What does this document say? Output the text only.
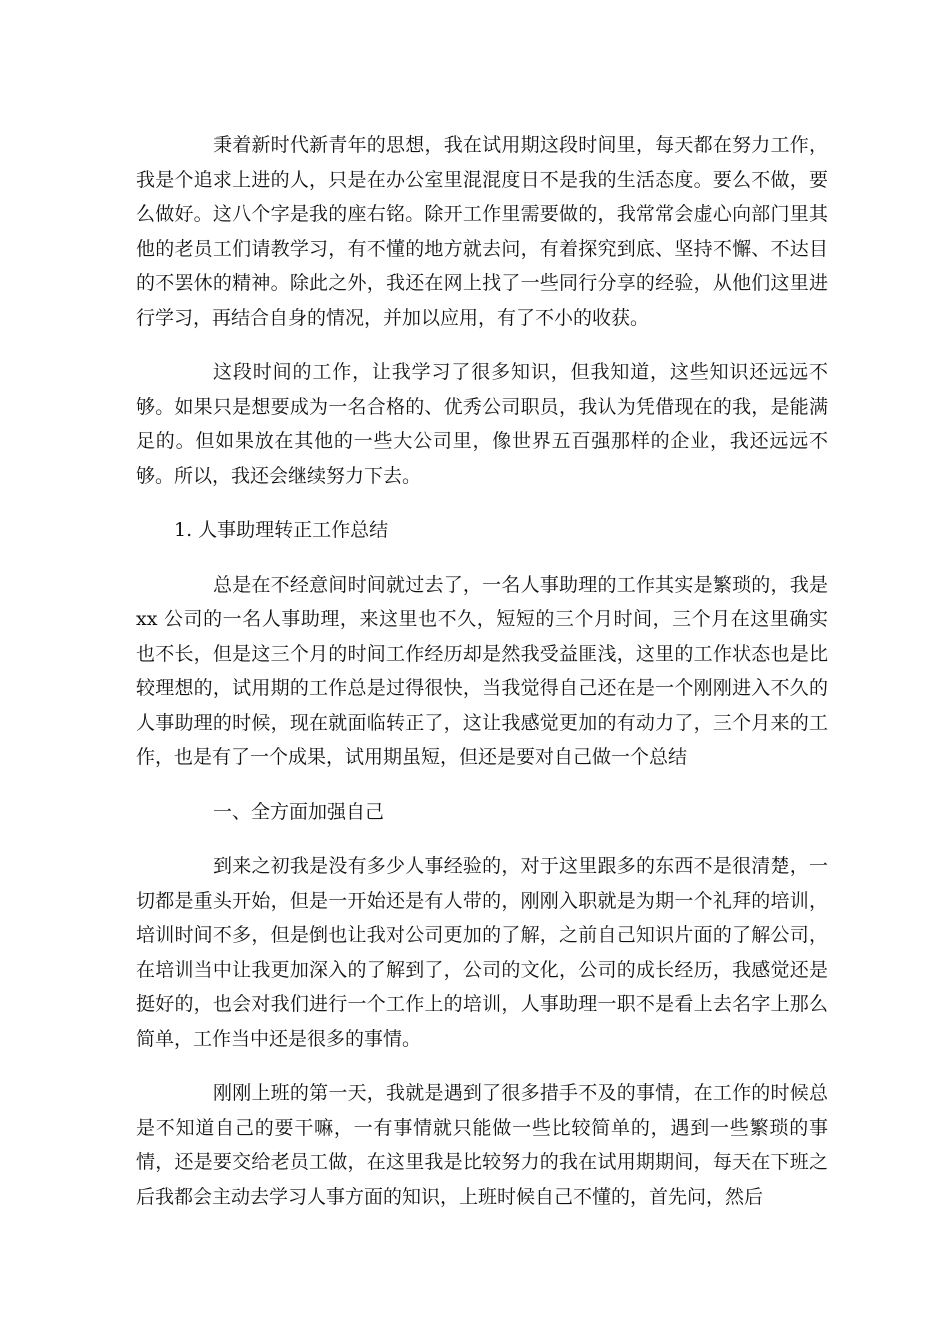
秉着新时代新青年的思想，我在试用期这段时间里，每天都在努力工作，我是个追求上进的人，只是在办公室里混混度日不是我的生活态度。要么不做，要么做好。这八个字是我的座右铭。除开工作里需要做的，我常常会虚心向部门里其他的老员工们请教学习，有不懂的地方就去问，有着探究到底、坚持不懈、不达目的不罢休的精神。除此之外，我还在网上找了一些同行分享的经验，从他们这里进行学习，再结合自身的情况，并加以应用，有了不小的收获。

这段时间的工作，让我学习了很多知识，但我知道，这些知识还远远不够。如果只是想要成为一名合格的、优秀公司职员，我认为凭借现在的我，是能满足的。但如果放在其他的一些大公司里，像世界五百强那样的企业，我还远远不够。所以，我还会继续努力下去。

1. 人事助理转正工作总结

总是在不经意间时间就过去了，一名人事助理的工作其实是繁琐的，我是 xx 公司的一名人事助理，来这里也不久，短短的三个月时间，三个月在这里确实也不长，但是这三个月的时间工作经历却是然我受益匪浅，这里的工作状态也是比较理想的，试用期的工作总是过得很快，当我觉得自己还在是一个刚刚进入不久的人事助理的时候，现在就面临转正了，这让我感觉更加的有动力了，三个月来的工作，也是有了一个成果，试用期虽短，但还是要对自己做一个总结

一、全方面加强自己

到来之初我是没有多少人事经验的，对于这里跟多的东西不是很清楚，一切都是重头开始，但是一开始还是有人带的，刚刚入职就是为期一个礼拜的培训，培训时间不多，但是倒也让我对公司更加的了解，之前自己知识片面的了解公司，在培训当中让我更加深入的了解到了，公司的文化，公司的成长经历，我感觉还是挺好的，也会对我们进行一个工作上的培训，人事助理一职不是看上去名字上那么简单，工作当中还是很多的事情。

刚刚上班的第一天，我就是遇到了很多措手不及的事情，在工作的时候总是不知道自己的要干嘛，一有事情就只能做一些比较简单的，遇到一些繁琐的事情，还是要交给老员工做，在这里我是比较努力的我在试用期期间，每天在下班之后我都会主动去学习人事方面的知识，上班时候自己不懂的，首先问，然后
